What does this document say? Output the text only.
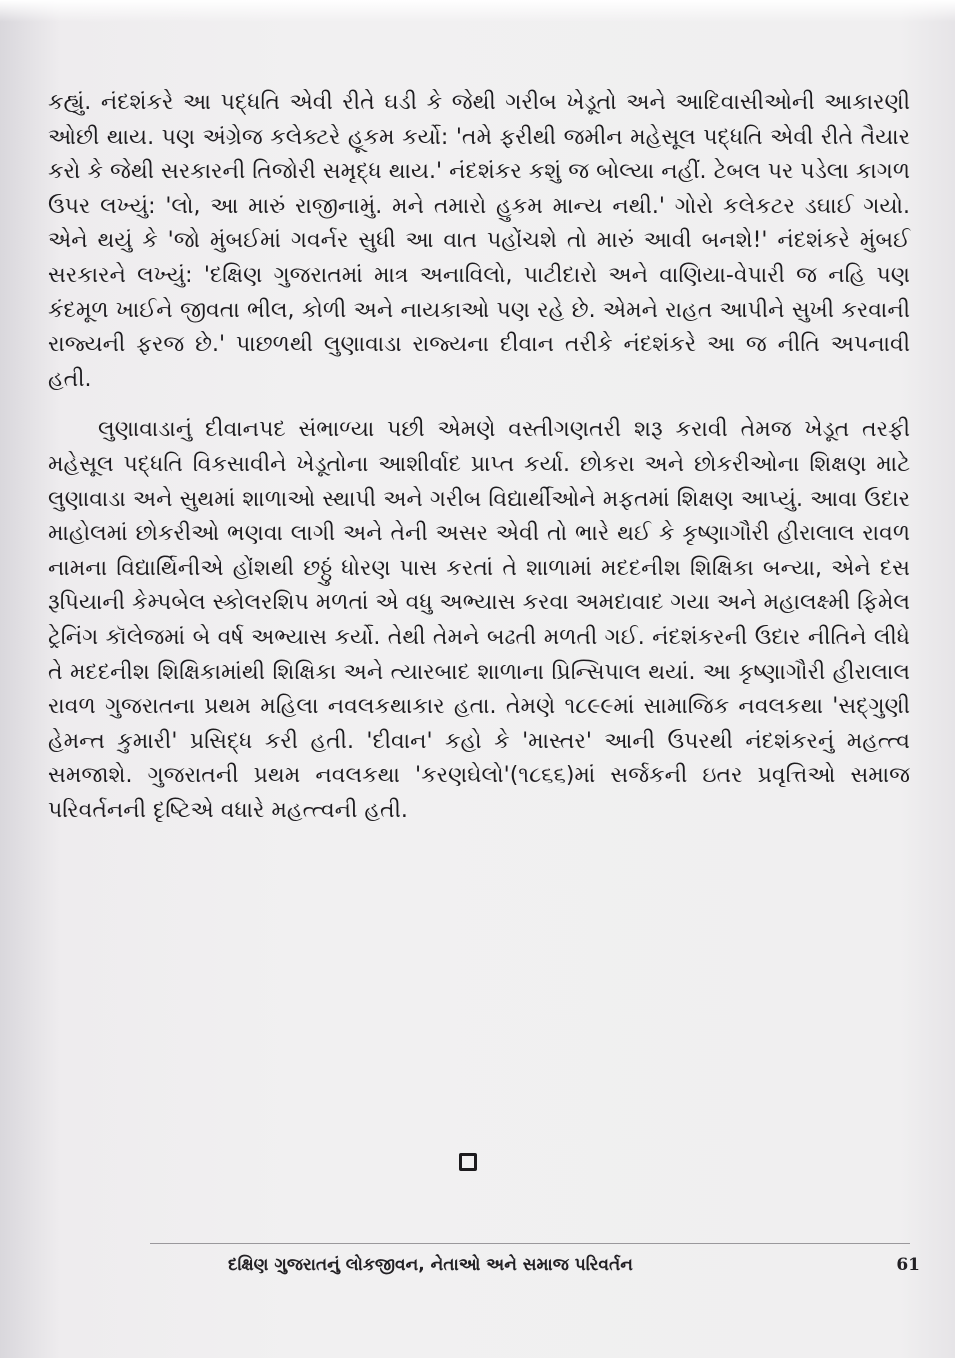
કહ્યું. નંદશંકરે આ પદ્ધતિ એવી રીતે ઘડી કે જેથી ગરીબ ખેડૂતો અને આદિવાસીઓની આકારણી ઓછી થાય. પણ અંગ્રેજ કલેક્ટરે હૂકમ કર્યો: 'તમે ફરીથી જમીન મહેસૂલ પદ્ધતિ એવી રીતે તૈયાર કરો કે જેથી સરકારની તિજોરી સમૃદ્ધ થાય.' નંદશંકર કશું જ બોલ્યા નહીં. ટેબલ પર પડેલા કાગળ ઉપર લખ્યું: 'લો, આ મારું રાજીનામું. મને તમારો હુકમ માન્ય નથી.' ગોરો કલેકટર ડઘાઈ ગયો. એને થયું કે 'જો મુંબઈમાં ગવર્નર સુધી આ વાત પહોંચશે તો મારું આવી બનશે!' નંદશંકરે મુંબઈ સરકારને લખ્યું: 'દક્ષિણ ગુજરાતમાં માત્ર અનાવિલો, પાટીદારો અને વાણિયા-વેપારી જ નહિ પણ કંદમૂળ ખાઈને જીવતા ભીલ, કોળી અને નાયકાઓ પણ રહે છે. એમને રાહત આપીને સુખી કરવાની રાજ્યની ફરજ છે.' પાછળથી લુણાવાડા રાજ્યના દીવાન તરીકે નંદશંકરે આ જ નીતિ અપનાવી હતી.

લુણાવાડાનું દીવાનપદ સંભાળ્યા પછી એમણે વસ્તીગણતરી શરૂ કરાવી તેમજ ખેડૂત તરફી મહેસૂલ પદ્ધતિ વિકસાવીને ખેડૂતોના આશીર્વાદ પ્રાપ્ત કર્યા. છોકરા અને છોકરીઓના શિક્ષણ માટે લુણાવાડા અને સુથમાં શાળાઓ સ્થાપી અને ગરીબ વિદ્યાર્થીઓને મફતમાં શિક્ષણ આપ્યું. આવા ઉદાર માહોલમાં છોકરીઓ ભણવા લાગી અને તેની અસર એવી તો ભારે થઈ કે કૃષ્ણાગૌરી હીરાલાલ રાવળ નામના વિદ્યાર્થિનીએ હોંશથી છઠ્ઠું ધોરણ પાસ કરતાં તે શાળામાં મદદનીશ શિક્ષિકા બન્યા, એને દસ રૂપિયાની કેમ્પબેલ સ્કોલરશિપ મળતાં એ વધુ અભ્યાસ કરવા અમદાવાદ ગયા અને મહાલક્ષ્મી ફિમેલ ટ્રેનિંગ કૉલેજમાં બે વર્ષ અભ્યાસ કર્યો. તેથી તેમને બઢતી મળતી ગઈ. નંદશંકરની ઉદાર નીતિને લીધે તે મદદનીશ શિક્ષિકામાંથી શિક્ષિકા અને ત્યારબાદ શાળાના પ્રિન્સિપાલ થયાં. આ કૃષ્ણાગૌરી હીરાલાલ રાવળ ગુજરાતના પ્રથમ મહિલા નવલકથાકાર હતા. તેમણે ૧૮૯૯માં સામાજિક નવલકથા 'સદ્ગુણી હેમન્ત કુમારી' પ્રસિદ્ધ કરી હતી. 'દીવાન' કહો કે 'માસ્તર' આની ઉપરથી નંદશંકરનું મહત્ત્વ સમજાશે. ગુજરાતની પ્રથમ નવલકથા 'કરણઘેલો'(૧૮૬૬)માં સર્જકની ઇતર પ્રવૃત્તિઓ સમાજ પરિવર્તનની દૃષ્ટિએ વધારે મહત્ત્વની હતી.

દક્ષિણ ગુજરાતનું લોકજીવન, નેતાઓ અને સમાજ પરિવર્તન	61
